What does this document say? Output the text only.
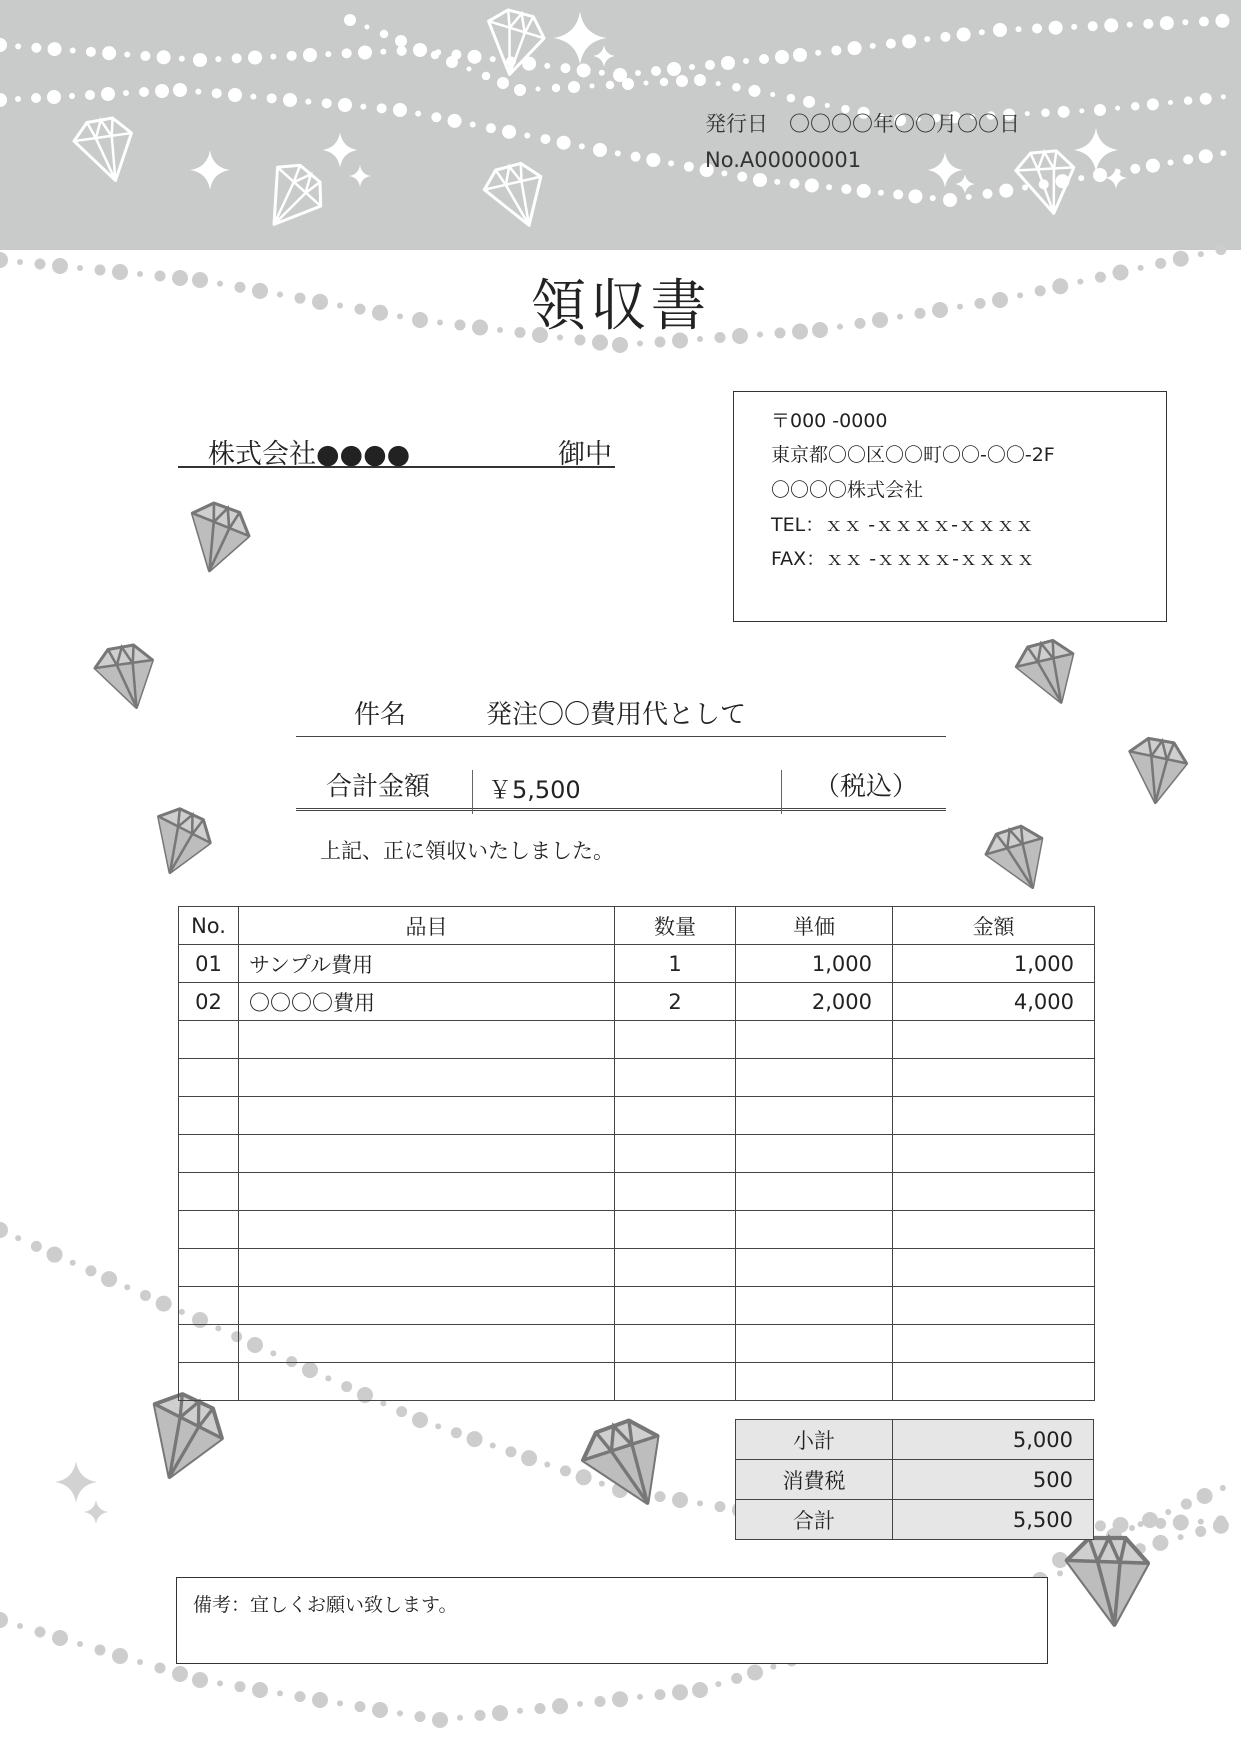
発行日　〇〇〇〇年〇〇月〇〇日
No.A00000001
領収書
株式会社●●●●	御中
〒000 -0000
東京都〇〇区〇〇町〇〇-〇〇-2F
〇〇〇〇株式会社
TEL：ｘｘ -ｘｘｘｘ-ｘｘｘｘ
FAX：ｘｘ -ｘｘｘｘ-ｘｘｘｘ
件名	発注〇〇費用代として
合計金額 ￥5,500	（税込）
上記、正に領収いたしました。
No.	品目	数量	単価	金額
01	サンプル費用	1	1,000	1,000
02	〇〇〇〇費用	2	2,000	4,000

小計	5,000
消費税	500
合計	5,500
備考：宜しくお願い致します。
